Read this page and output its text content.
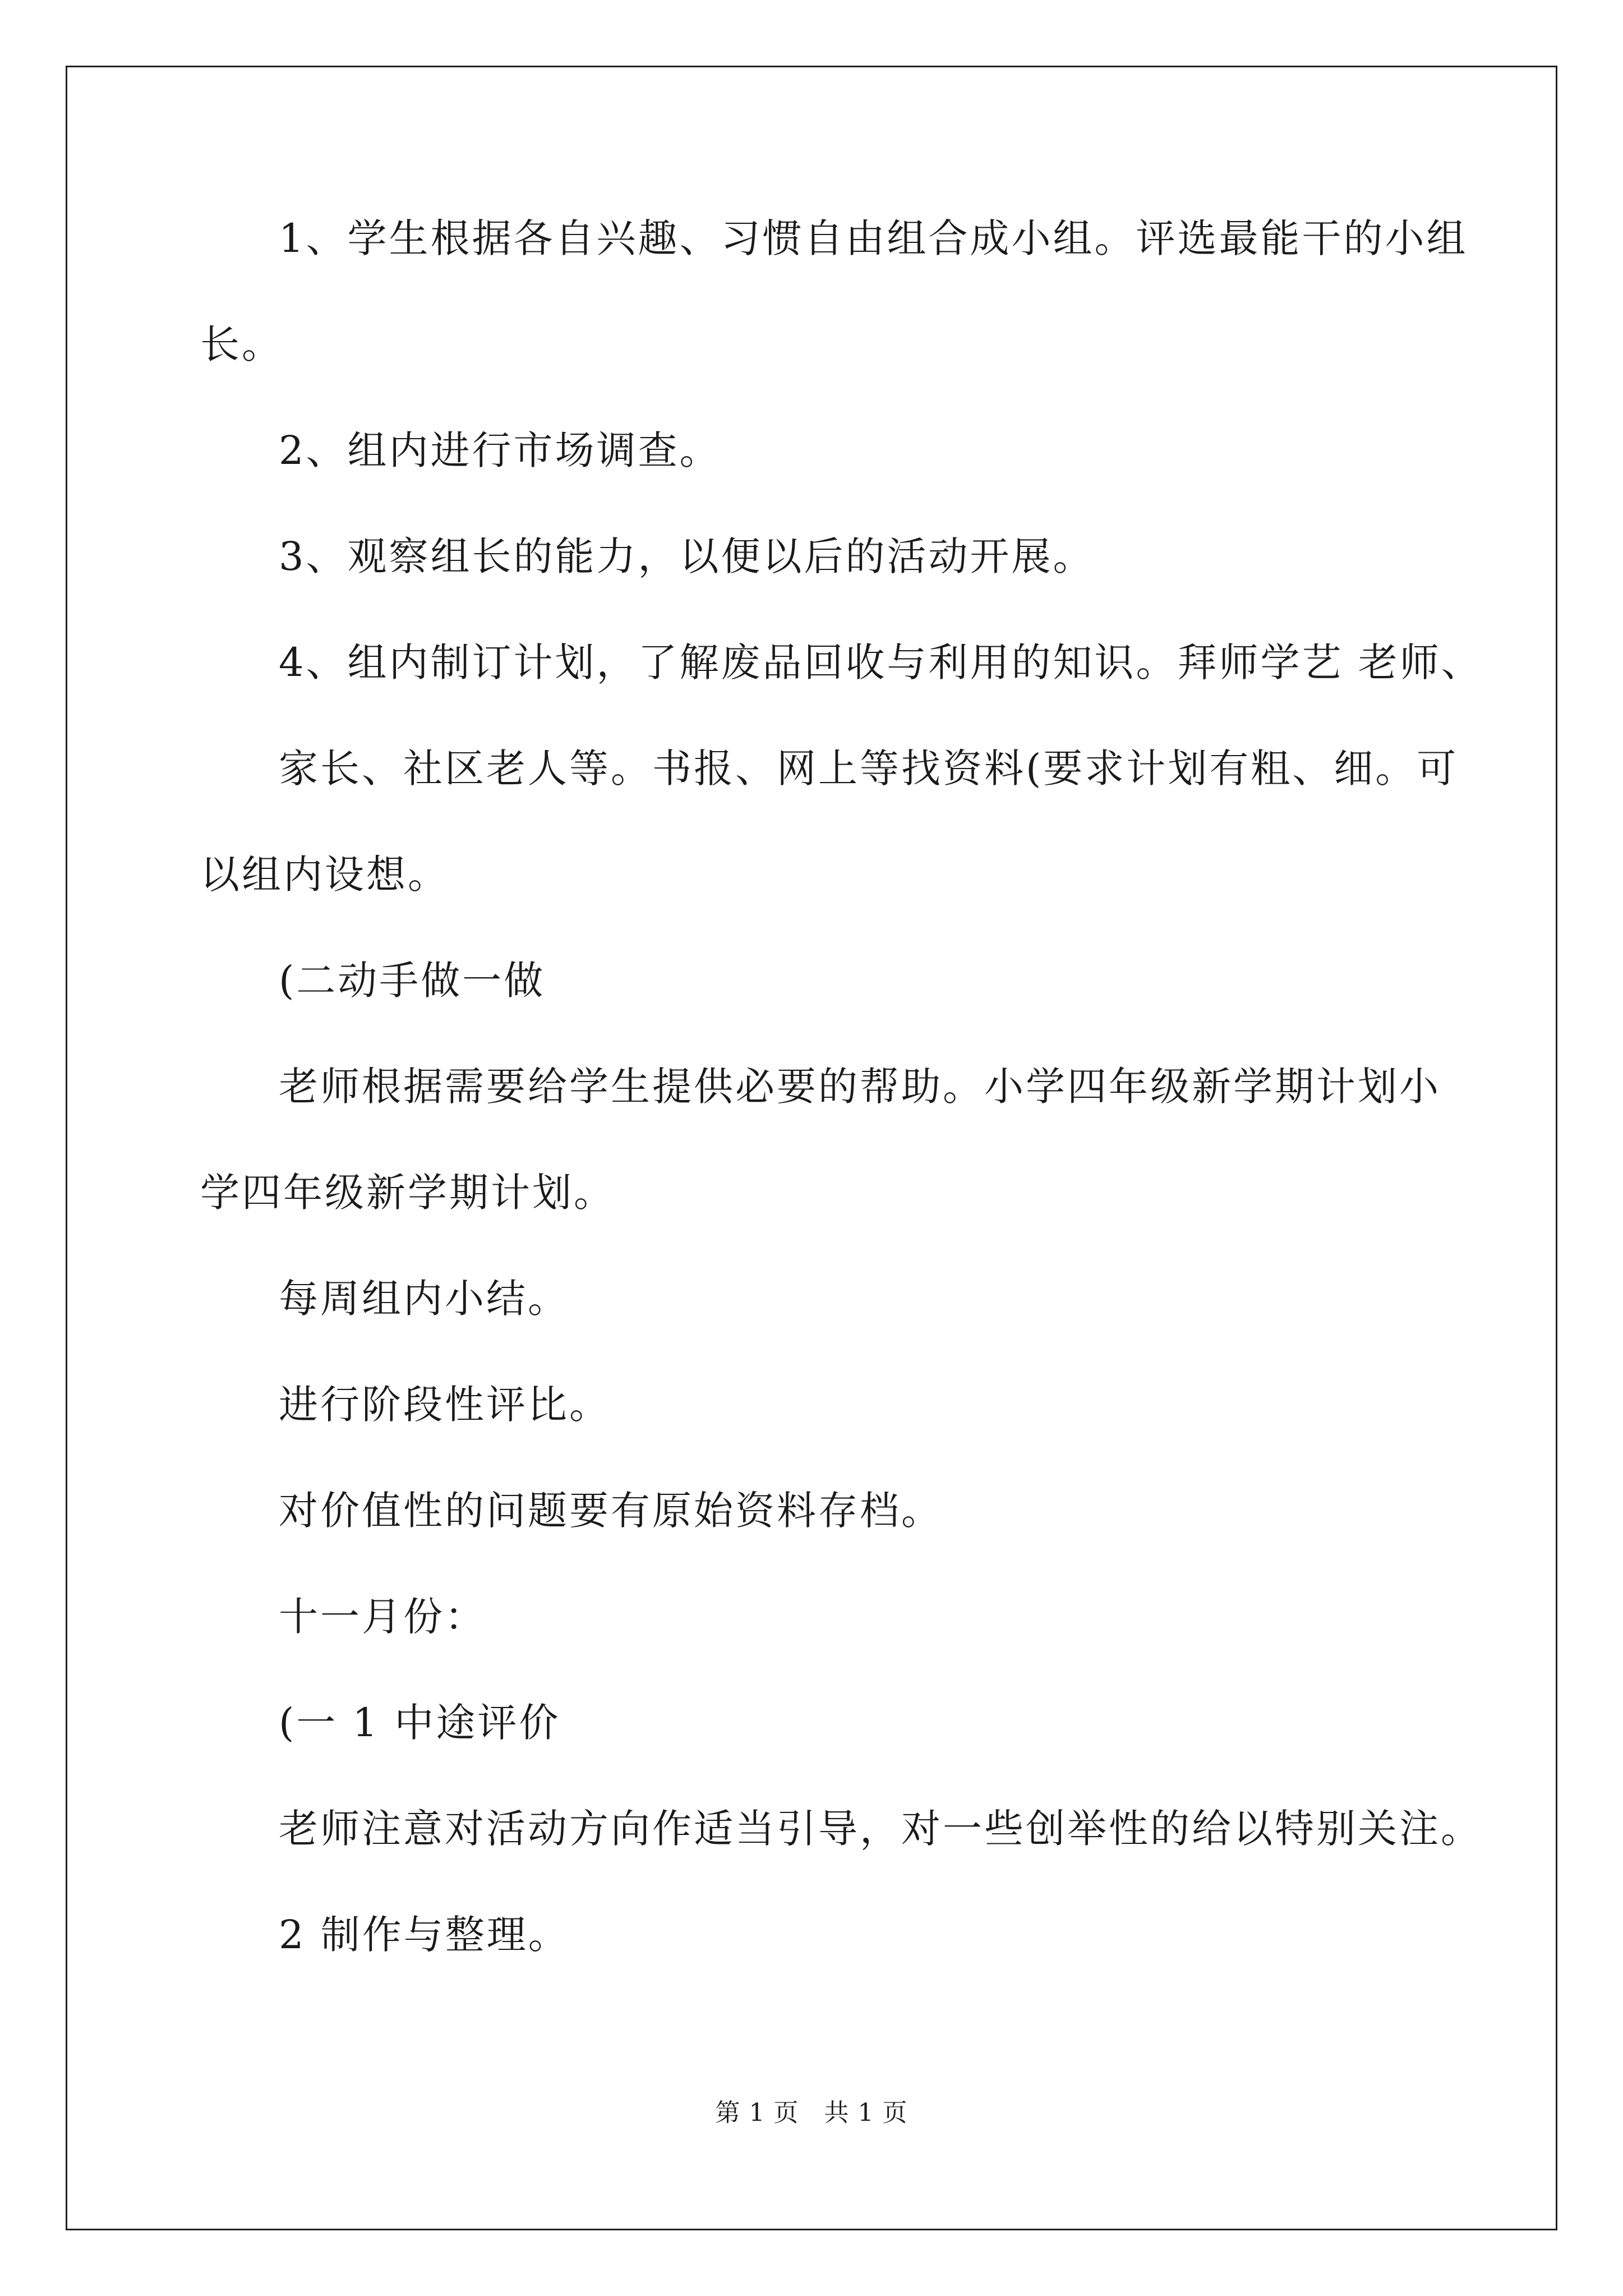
1、学生根据各自兴趣、习惯自由组合成小组。评选最能干的小组
长。
2、组内进行市场调查。
3、观察组长的能力，以便以后的活动开展。
4、组内制订计划，了解废品回收与利用的知识。拜师学艺 老师、
家长、社区老人等。书报、网上等找资料(要求计划有粗、细。可
以组内设想。
(二动手做一做
老师根据需要给学生提供必要的帮助。小学四年级新学期计划小
学四年级新学期计划。
每周组内小结。
进行阶段性评比。
对价值性的问题要有原始资料存档。
十一月份：
(一 1 中途评价
老师注意对活动方向作适当引导，对一些创举性的给以特别关注。
2 制作与整理。
第 1 页　共 1 页
